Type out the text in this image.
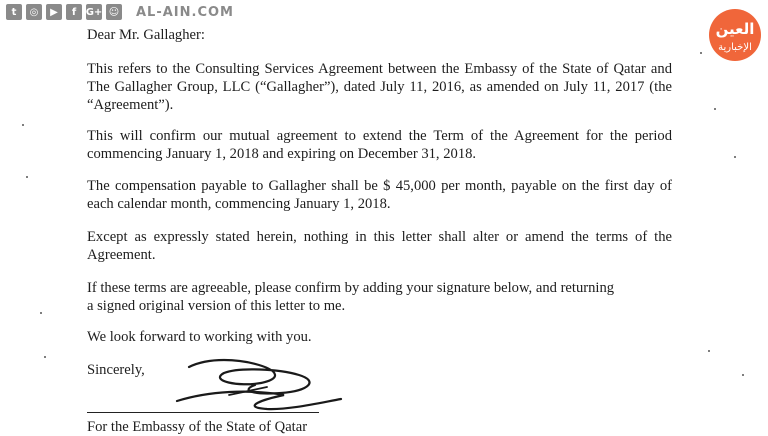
t	◎	▶	f G+ ☺ AL-AIN.COM
العين
الإخبارية

Dear Mr. Gallagher:

This refers to the Consulting Services Agreement between the Embassy of the State of Qatar and The Gallagher Group, LLC (“Gallagher”), dated July 11, 2016, as amended on July 11, 2017 (the “Agreement”).

This will confirm our mutual agreement to extend the Term of the Agreement for the period commencing January 1, 2018 and expiring on December 31, 2018.

The compensation payable to Gallagher shall be $ 45,000 per month, payable on the first day of each calendar month, commencing January 1, 2018.

Except as expressly stated herein, nothing in this letter shall alter or amend the terms of the Agreement.

If these terms are agreeable, please confirm by adding your signature below, and returning a signed original version of this letter to me.

We look forward to working with you.

Sincerely,

For the Embassy of the State of Qatar
